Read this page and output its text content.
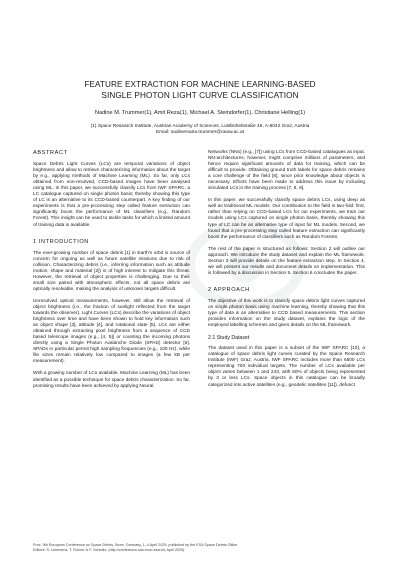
FEATURE EXTRACTION FOR MACHINE LEARNING-BASED
SINGLE PHOTON LIGHT CURVE CLASSIFICATION
Nadine M. Trummer(1), Amit Reza(1), Michael A. Steindorfer(1), Christiane Helling(1)
(1) Space Research Institute, Austrian Academy of Sciences, Lustbühelstraße 46, A-8042 Graz, Austria
Email: nadinemaria.trummer@oeaw.ac.at
ABSTRACT

Space Debris Light Curves (LCs) are temporal variations of object brightness and allow to retrieve characterizing information about the target by e.g., applying methods of Machine Learning (ML). So far, only LCs obtained from non-resolved, CCD-based images have been analysed using ML. In this paper, we successfully classify LCs from IWF SPARC, a LC catalogue captured on single photon basis; thereby showing this type of LC is an alternative to its CCD-based counterpart. A key finding of our experiments is that a pre-processing step called feature extraction can significantly boost the performance of ML classifiers (e.g., Random Forest). This insight can be used to tackle tasks for which a limited amount of training data is available.

1 INTRODUCTION

The ever-growing number of space debris [1] in Earth's orbit is source of concern for ongoing as well as future satellite missions due to risk of collision. Characterizing debris (i.e., inferring information such as attitude motion, shape and material [2]) is of high interest to mitigate this threat. However, the retrieval of object properties is challenging. Due to their small size paired with atmospheric effects, not all space debris are optically resolvable, making the analysis of unknown targets difficult.

Unresolved optical measurements, however, still allow the retrieval of object brightness (i.e., the fraction of sunlight reflected from the target towards the observer). Light Curves (LCs) describe the variations of object brightness over time and have been shown to hold key information such as object shape [3], attitude [4], and rotational state [5]. LCs are either obtained through extracting pixel brightness from a sequence of CCD based telescope images (e.g., [4, 5]) or counting the incoming photons directly using a Single Photon Avalanche Diode (SPAD) detector [6]. SPADs in particular permit high sampling frequencies (e.g., 100 Hz), while file sizes remain relatively low compared to images (a few kB per measurement).

With a growing number of LCs available, Machine Learning (ML) has been identified as a possible technique for space debris characterization. So far, promising results have been achieved by applying Neural

Networks (NNs) (e.g., [7]) using LCs from CCD-based catalogues as input. NN-architectures, however, might comprise millions of parameters, and hence require significant amounts of data for training, which can be difficult to provide. Obtaining ground truth labels for space debris remains a core challenge of the field [8], since prior knowledge about objects is necessary. Efforts have been made to address this issue by including simulated LCs in the training process [7, 8, 9].

In this paper, we successfully classify space debris LCs, using deep as well as traditional ML models. Our contribution to the field is two-fold: first, rather than relying on CCD-based LCs for our experiments, we train our models using LCs captured on single photon basis, thereby showing this type of LC can be an alternative type of input for ML models. Second, we found that a pre-processing step called feature extraction can significantly boost the performance of classifiers such as Random Forests.

The rest of the paper is structured as follows: Section 2 will outline our approach. We introduce the study dataset and explain the ML framework. Section 3 will provide details on the feature extraction step. In Section 4, we will present our results and document details on implementation. This is followed by a discussion in Section 5. Section 6 concludes the paper.

2 APPROACH

The objective of this work is to classify space debris light curves captured on single photon basis using machine learning, thereby showing that this type of data is an alternative to CCD based measurements. This section provides information on the study dataset, explains the logic of the employed labelling schemes and gives details on the ML framework.

2.1 Study Dataset

The dataset used in this paper is a subset of the IWF SPARC [10], a catalogue of space debris light curves curated by the Space Research Institute (IWF) Graz, Austria. IWF SPARC includes more than 6500 LCs representing 700 individual targets. The number of LCs available per object varies between 1 and 243, with 60% of objects being represented by 3 or less LCs. Space objects in this catalogue can be broadly categorized into active satellites (e.g., geodetic satellites [11]), defunct

Proc. 9th European Conference on Space Debris, Bonn, Germany, 1–4 April 2025, published by the ESA Space Debris Office
Editors: S. Lemmens, T. Flohrer & F. Schmitz, (http://conference.sdo.esoc.esa.int, April 2025)
